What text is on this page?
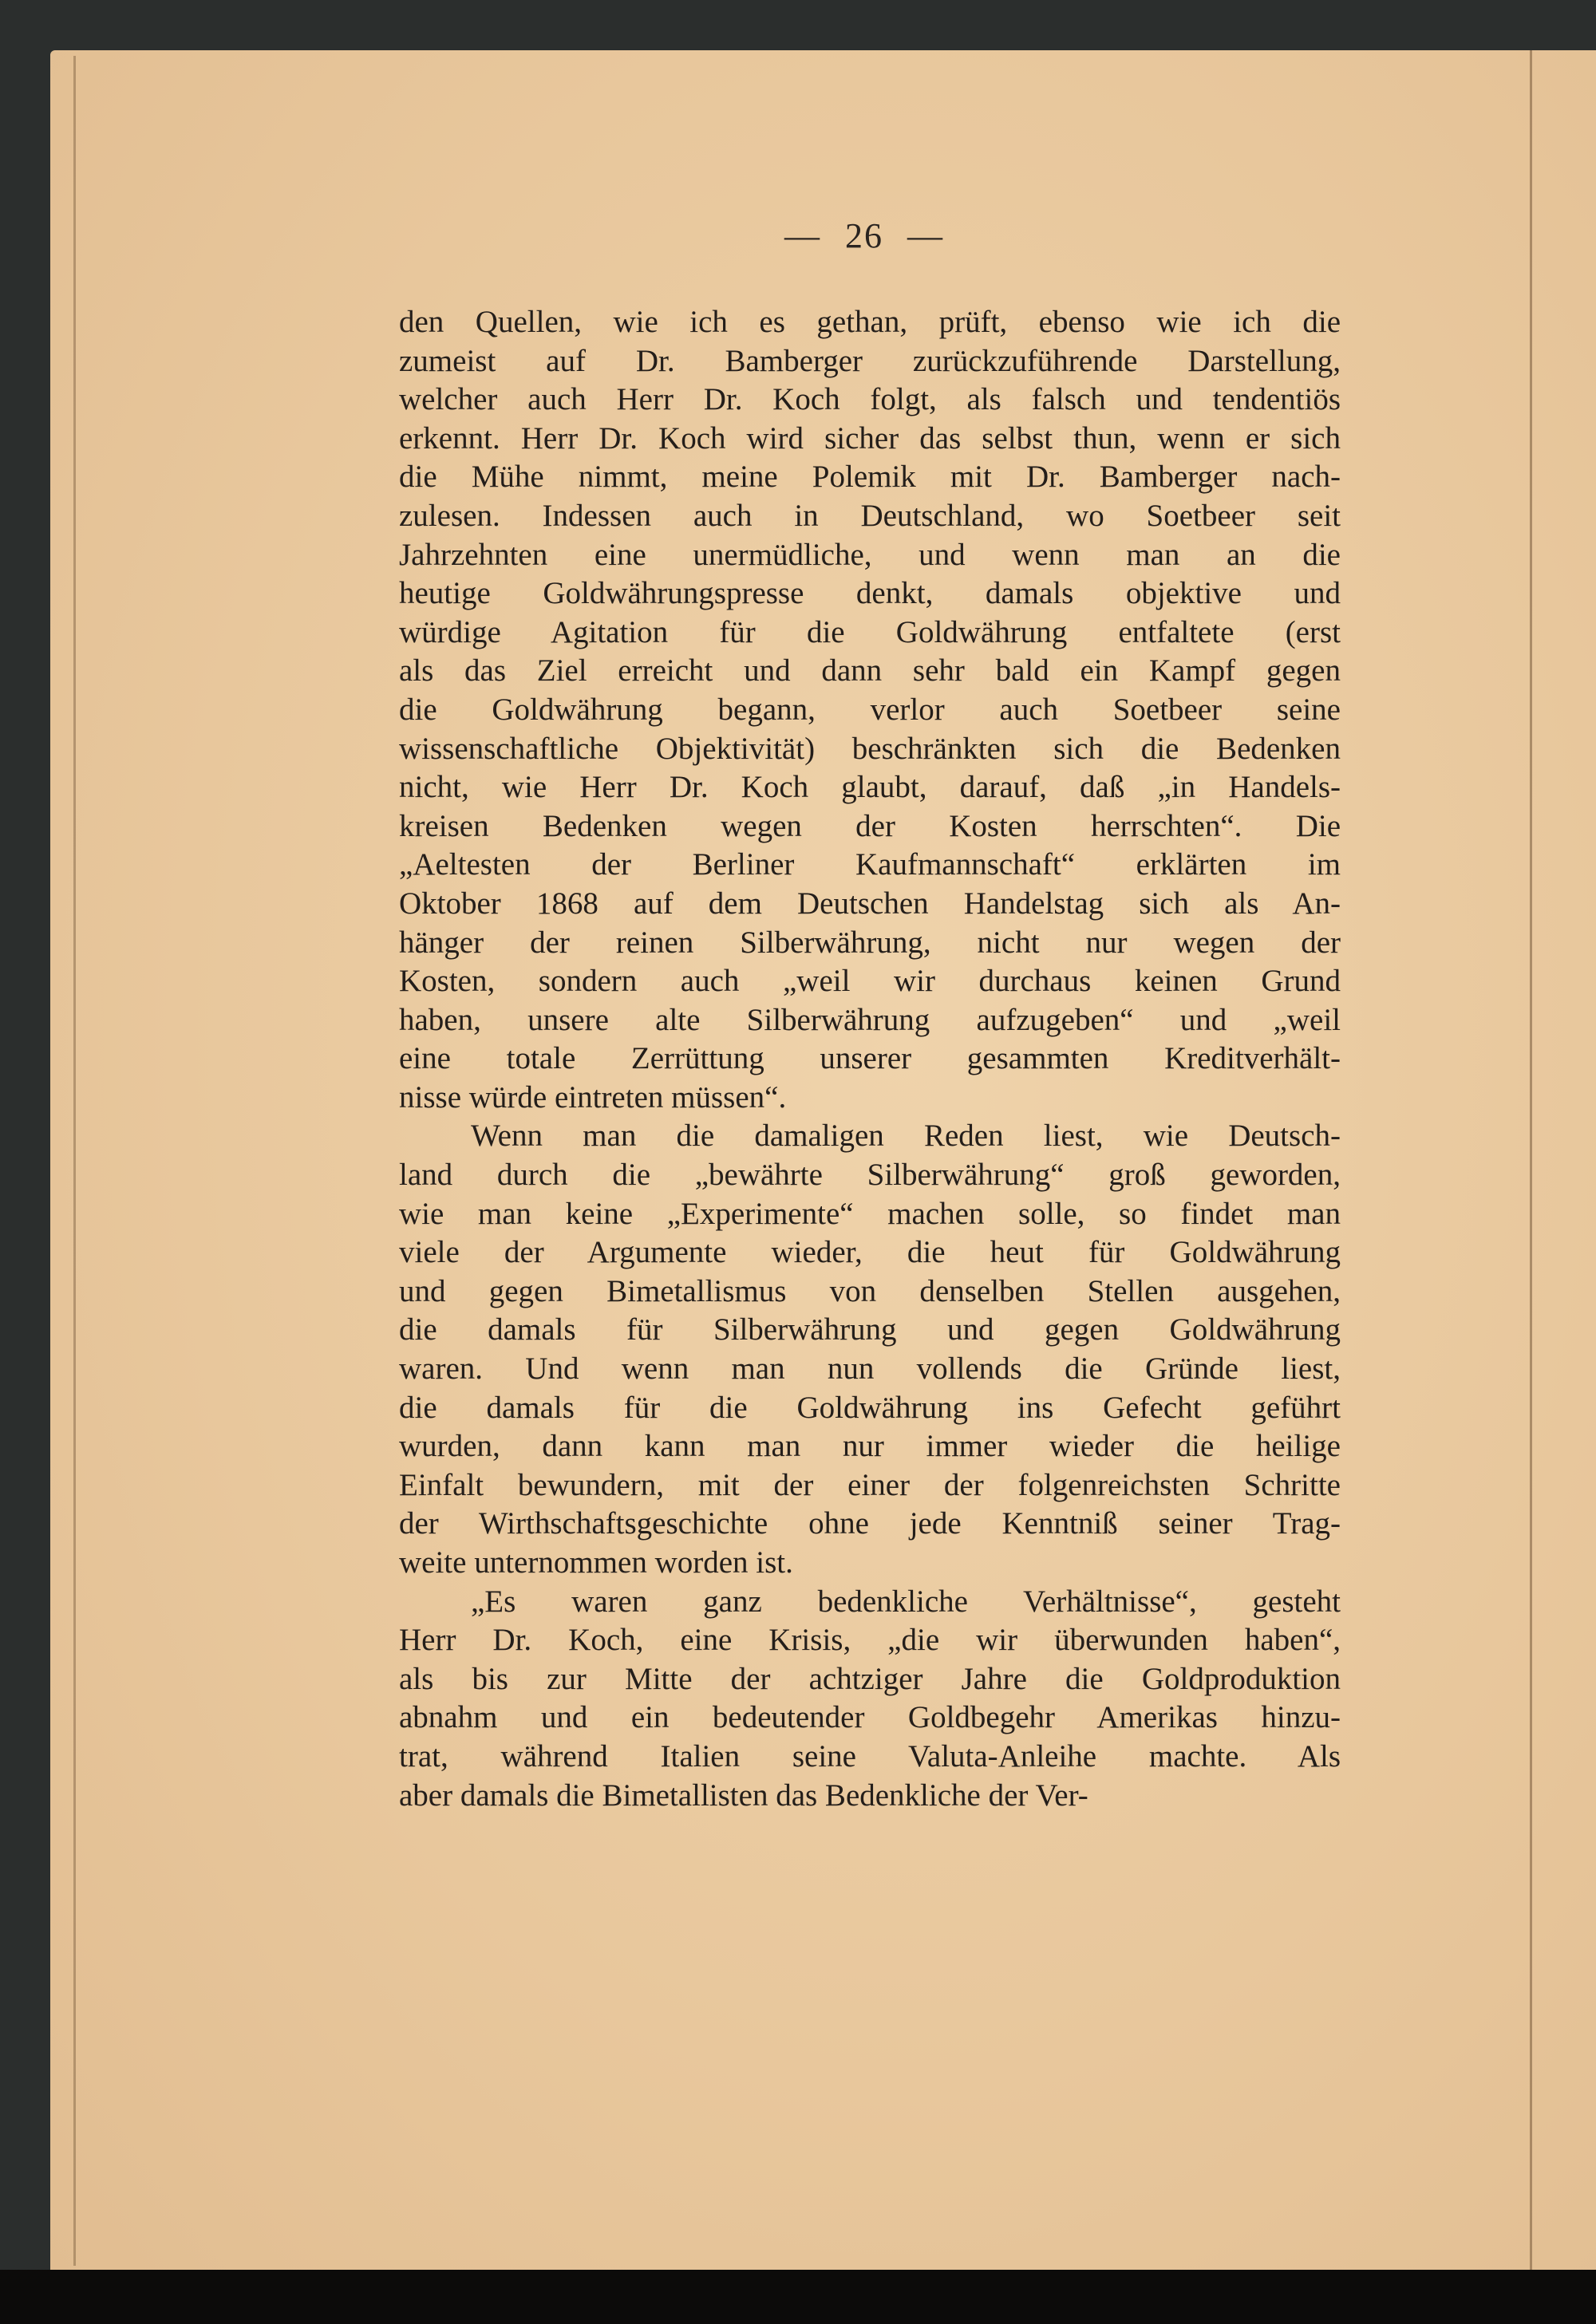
— 26 —
den Quellen, wie ich es gethan, prüft, ebenso wie ich die
zumeist auf Dr. Bamberger zurückzuführende Darstellung,
welcher auch Herr Dr. Koch folgt, als falsch und tendentiös
erkennt. Herr Dr. Koch wird sicher das selbst thun, wenn er sich
die Mühe nimmt, meine Polemik mit Dr. Bamberger nach-
zulesen. Indessen auch in Deutschland, wo Soetbeer seit
Jahrzehnten eine unermüdliche, und wenn man an die
heutige Goldwährungspresse denkt, damals objektive und
würdige Agitation für die Goldwährung entfaltete (erst
als das Ziel erreicht und dann sehr bald ein Kampf gegen
die Goldwährung begann, verlor auch Soetbeer seine
wissenschaftliche Objektivität) beschränkten sich die Bedenken
nicht, wie Herr Dr. Koch glaubt, darauf, daß „in Handels-
kreisen Bedenken wegen der Kosten herrschten“. Die
„Aeltesten der Berliner Kaufmannschaft“ erklärten im
Oktober 1868 auf dem Deutschen Handelstag sich als An-
hänger der reinen Silberwährung, nicht nur wegen der
Kosten, sondern auch „weil wir durchaus keinen Grund
haben, unsere alte Silberwährung aufzugeben“ und „weil
eine totale Zerrüttung unserer gesammten Kreditverhält-
nisse würde eintreten müssen“.
Wenn man die damaligen Reden liest, wie Deutsch-
land durch die „bewährte Silberwährung“ groß geworden,
wie man keine „Experimente“ machen solle, so findet man
viele der Argumente wieder, die heut für Goldwährung
und gegen Bimetallismus von denselben Stellen ausgehen,
die damals für Silberwährung und gegen Goldwährung
waren. Und wenn man nun vollends die Gründe liest,
die damals für die Goldwährung ins Gefecht geführt
wurden, dann kann man nur immer wieder die heilige
Einfalt bewundern, mit der einer der folgenreichsten Schritte
der Wirthschaftsgeschichte ohne jede Kenntniß seiner Trag-
weite unternommen worden ist.
„Es waren ganz bedenkliche Verhältnisse“, gesteht
Herr Dr. Koch, eine Krisis, „die wir überwunden haben“,
als bis zur Mitte der achtziger Jahre die Goldproduktion
abnahm und ein bedeutender Goldbegehr Amerikas hinzu-
trat, während Italien seine Valuta-Anleihe machte. Als
aber damals die Bimetallisten das Bedenkliche der Ver-
